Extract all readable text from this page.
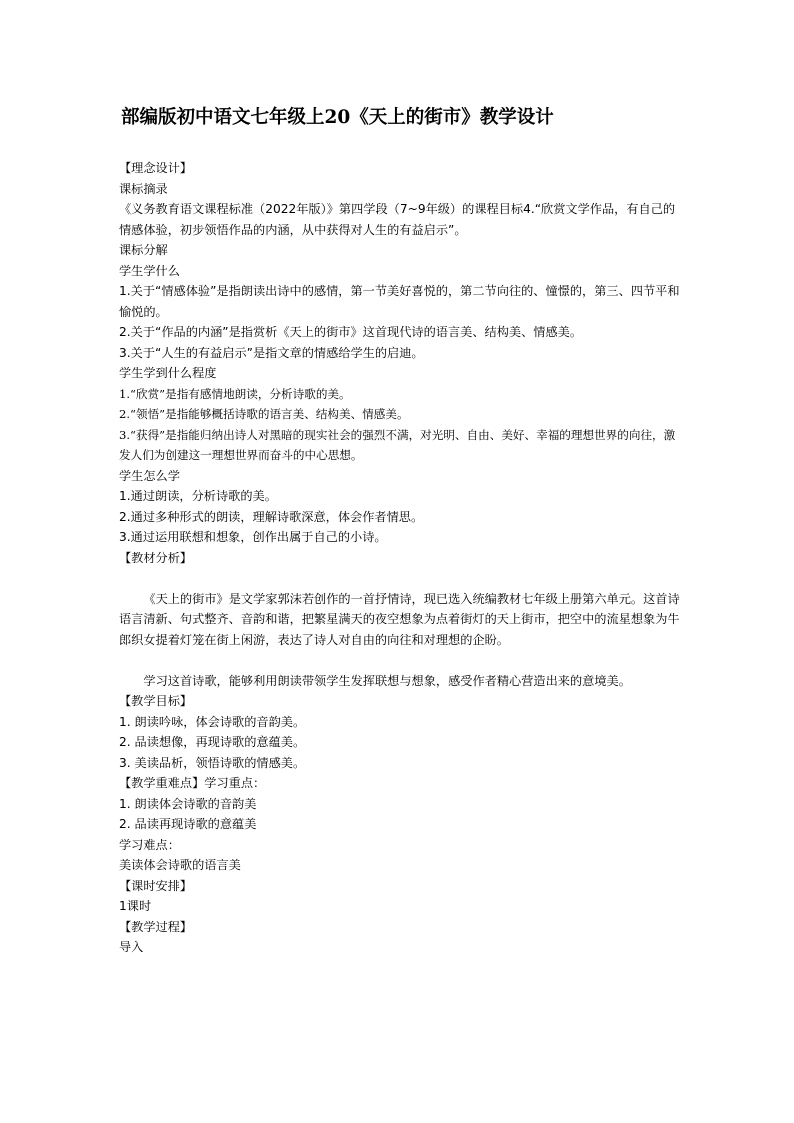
部编版初中语文七年级上20《天上的街市》教学设计

【理念设计】

课标摘录

《义务教育语文课程标准（2022年版）》第四学段（7~9年级）的课程目标4.“欣赏文学作品，有自己的情感体验，初步领悟作品的内涵，从中获得对人生的有益启示”。

课标分解

学生学什么

1.关于“情感体验”是指朗读出诗中的感情，第一节美好喜悦的，第二节向往的、憧憬的，第三、四节平和愉悦的。

2.关于“作品的内涵”是指赏析《天上的街市》这首现代诗的语言美、结构美、情感美。

3.关于“人生的有益启示”是指文章的情感给学生的启迪。

学生学到什么程度

1.“欣赏”是指有感情地朗读，分析诗歌的美。

2.“领悟”是指能够概括诗歌的语言美、结构美、情感美。

3.“获得”是指能归纳出诗人对黑暗的现实社会的强烈不满，对光明、自由、美好、幸福的理想世界的向往，激发人们为创建这一理想世界而奋斗的中心思想。

学生怎么学

1.通过朗读，分析诗歌的美。

2.通过多种形式的朗读，理解诗歌深意，体会作者情思。

3.通过运用联想和想象，创作出属于自己的小诗。

【教材分析】

《天上的街市》是文学家郭沫若创作的一首抒情诗，现已选入统编教材七年级上册第六单元。这首诗语言清新、句式整齐、音韵和谐，把繁星满天的夜空想象为点着街灯的天上街市，把空中的流星想象为牛郎织女提着灯笼在街上闲游，表达了诗人对自由的向往和对理想的企盼。

学习这首诗歌，能够利用朗读带领学生发挥联想与想象，感受作者精心营造出来的意境美。

【教学目标】

1. 朗读吟咏，体会诗歌的音韵美。

2. 品读想像，再现诗歌的意蕴美。

3. 美读品析，领悟诗歌的情感美。

【教学重难点】学习重点：

1. 朗读体会诗歌的音韵美

2. 品读再现诗歌的意蕴美

学习难点：

美读体会诗歌的语言美

【课时安排】

1课时

【教学过程】

导入
